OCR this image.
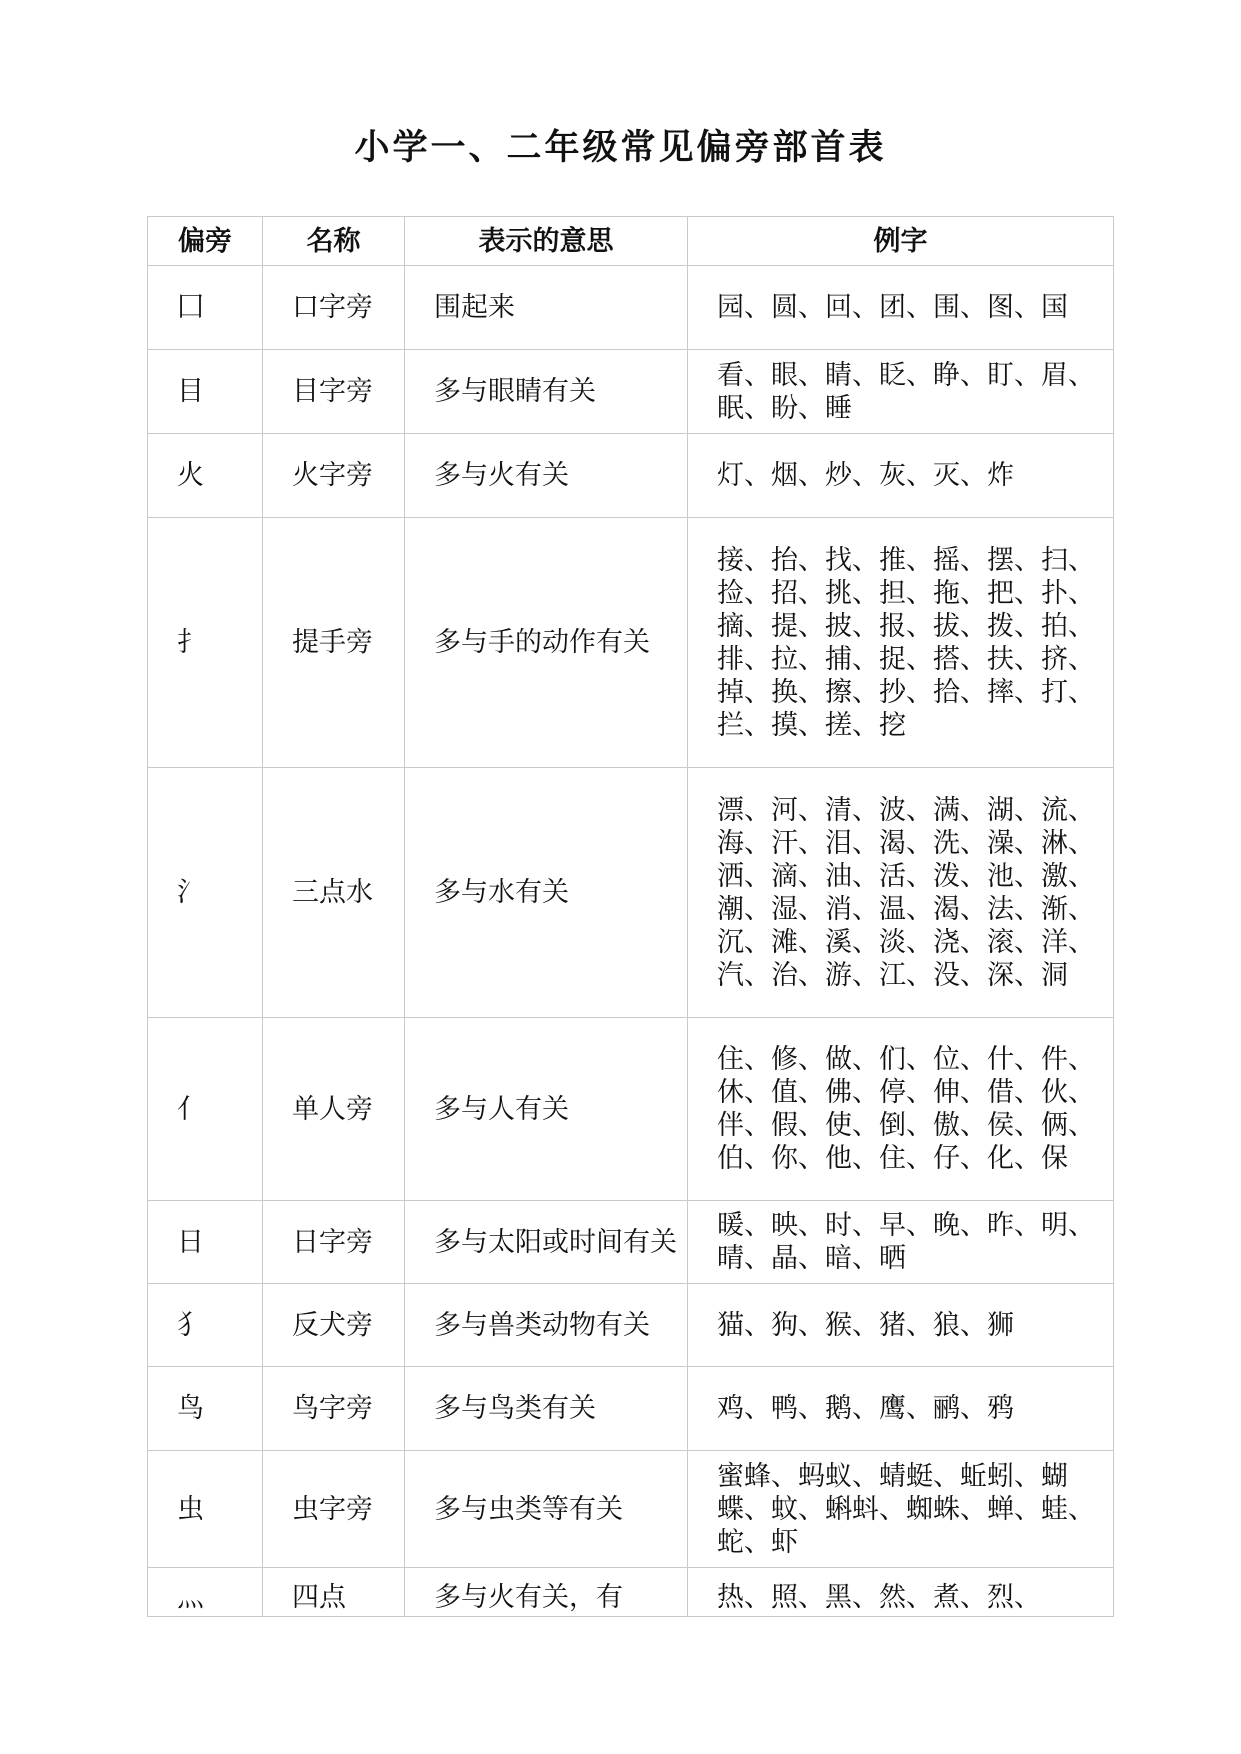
小学一、二年级常见偏旁部首表
偏旁	名称	表示的意思	例字
囗	口字旁	围起来	园、圆、回、团、围、图、国
目	目字旁	多与眼睛有关	看、眼、睛、眨、睁、盯、眉、眠、盼、睡
火	火字旁	多与火有关	灯、烟、炒、灰、灭、炸
扌	提手旁	多与手的动作有关	接、抬、找、推、摇、摆、扫、捡、招、挑、担、拖、把、扑、摘、提、披、报、拔、拨、拍、排、拉、捕、捉、搭、扶、挤、掉、换、擦、抄、拾、摔、打、拦、摸、搓、挖
氵	三点水	多与水有关	漂、河、清、波、满、湖、流、海、汗、泪、渴、洗、澡、淋、洒、滴、油、活、泼、池、激、潮、湿、消、温、渴、法、渐、沉、滩、溪、淡、浇、滚、洋、汽、治、游、江、没、深、洞
亻	单人旁	多与人有关	住、修、做、们、位、什、件、休、值、佛、停、伸、借、伙、伴、假、使、倒、傲、侯、俩、伯、你、他、住、仔、化、保
日	日字旁	多与太阳或时间有关	暖、映、时、早、晚、昨、明、晴、晶、暗、晒
犭	反犬旁	多与兽类动物有关	猫、狗、猴、猪、狼、狮
鸟	鸟字旁	多与鸟类有关	鸡、鸭、鹅、鹰、鹂、鸦
虫	虫字旁	多与虫类等有关	蜜蜂、蚂蚁、蜻蜓、蚯蚓、蝴蝶、蚊、蝌蚪、蜘蛛、蝉、蛙、蛇、虾
灬	四点	多与火有关，有	热、照、黑、然、煮、烈、
